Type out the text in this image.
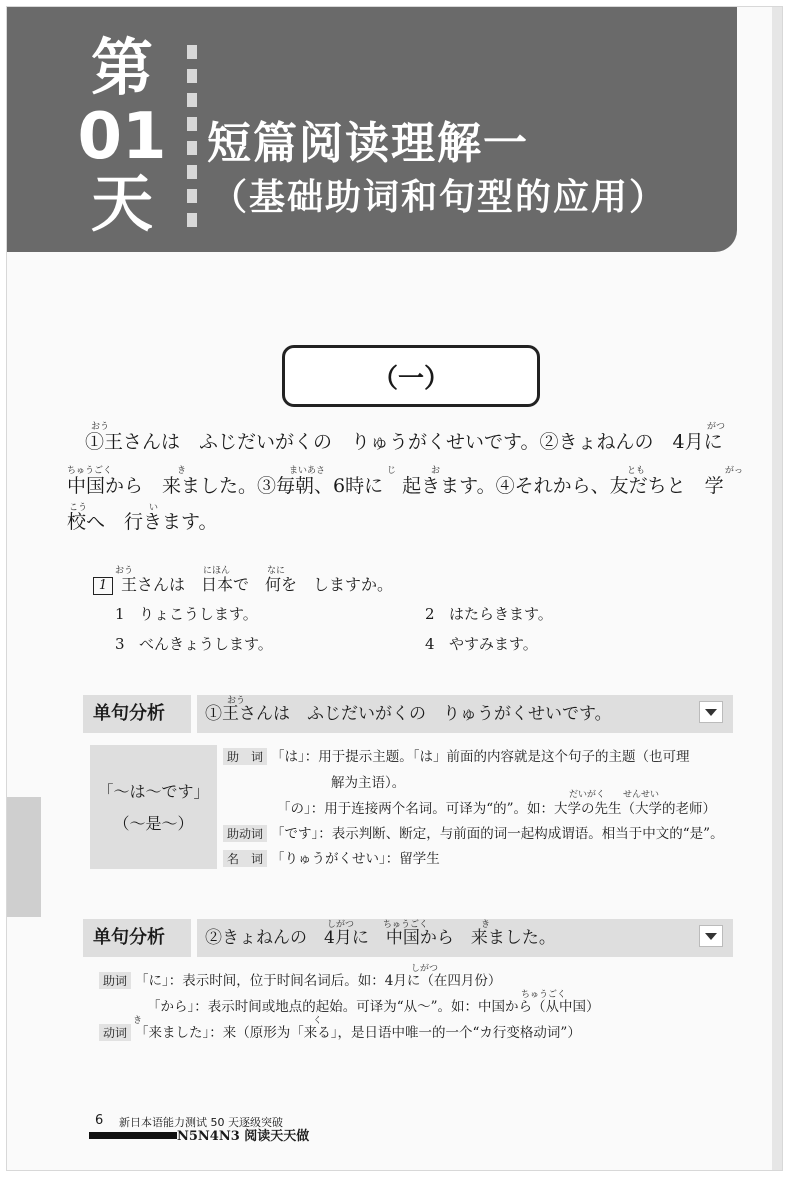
第
01
天
短篇阅读理解一
（基础助词和句型的应用）
（一）
おう	がつ
①王さんは　ふじだいがくの　りゅうがくせいです。②きょねんの　4月に
ちゅうごく	き	まいあさ	じ	お	とも	がっ
中国から　来ました。③毎朝、6時に　起きます。④それから、友だちと　学
こう	い
校へ　行きます。
おう	にほん	なに
1 王さんは　日本で　何を　しますか。
1 りょこうします。	2 はたらきます。
3 べんきょうします。	4 やすみます。
单句分析
おう
①王さんは　ふじだいがくの　りゅうがくせいです。
「～は～です」
（～是～）
助　词 「は」：用于提示主题。「は」前面的内容就是这个句子的主题（也可理
解为主语）。
だいがく せんせい
「の」：用于连接两个名词。可译为“的”。如：大学の先生（大学的老师）
助动词 「です」：表示判断、断定，与前面的词一起构成谓语。相当于中文的“是”。
名　词 「りゅうがくせい」：留学生
单句分析
しがつ	ちゅうごく	き
②きょねんの　4月に　中国から　来ました。
しがつ
助词 「に」：表示时间，位于时间名词后。如：4月に（在四月份）
ちゅうごく
「から」：表示时间或地点的起始。可译为“从～”。如：中国から（从中国）
き	く
动词 「来ました」：来（原形为「来る」，是日语中唯一的一个“カ行变格动词”）
6 新日本语能力测试 50 天逐级突破
N5N4N3 阅读天天做
